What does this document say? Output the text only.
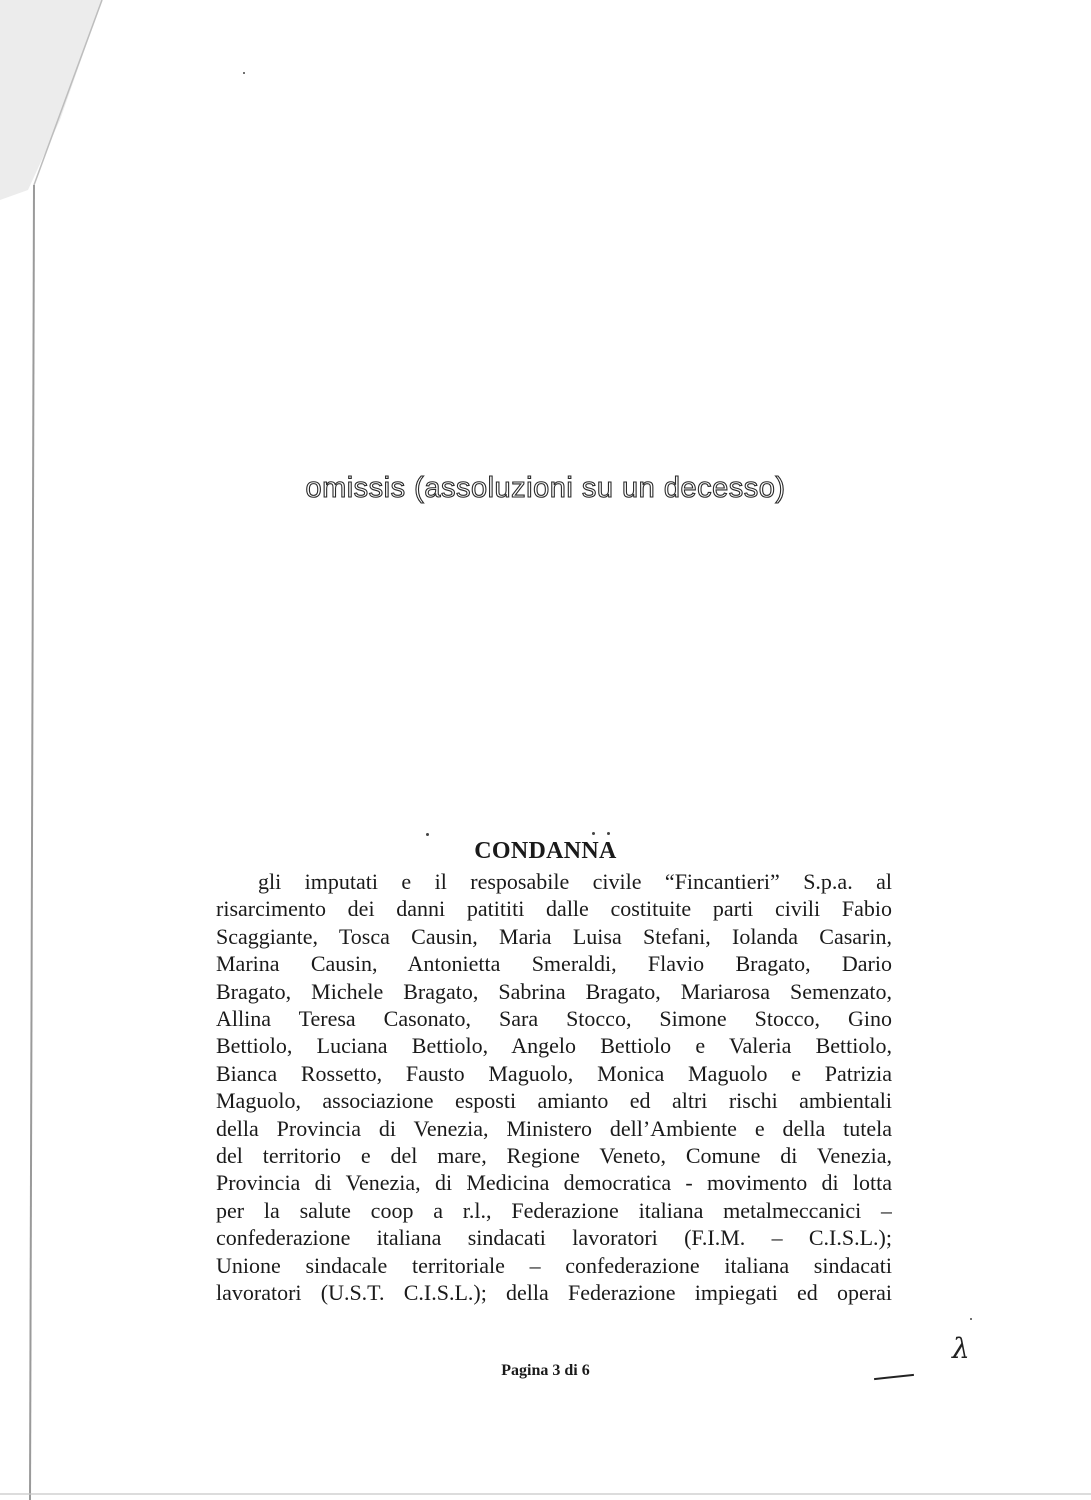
omissis (assoluzioni su un decesso)
CONDANNA
gli imputati e il resposabile civile “Fincantieri” S.p.a. al
risarcimento dei danni patititi dalle costituite parti civili Fabio
Scaggiante, Tosca Causin, Maria Luisa Stefani, Iolanda Casarin,
Marina Causin, Antonietta Smeraldi, Flavio Bragato, Dario
Bragato, Michele Bragato, Sabrina Bragato, Mariarosa Semenzato,
Allina Teresa Casonato, Sara Stocco, Simone Stocco, Gino
Bettiolo, Luciana Bettiolo, Angelo Bettiolo e Valeria Bettiolo,
Bianca Rossetto, Fausto Maguolo, Monica Maguolo e Patrizia
Maguolo, associazione esposti amianto ed altri rischi ambientali
della Provincia di Venezia, Ministero dell’Ambiente e della tutela
del territorio e del mare, Regione Veneto, Comune di Venezia,
Provincia di Venezia, di Medicina democratica - movimento di lotta
per la salute coop a r.l., Federazione italiana metalmeccanici –
confederazione italiana sindacati lavoratori (F.I.M. – C.I.S.L.);
Unione sindacale territoriale – confederazione italiana sindacati
lavoratori (U.S.T. C.I.S.L.); della Federazione impiegati ed operai
λ
Pagina 3 di 6
